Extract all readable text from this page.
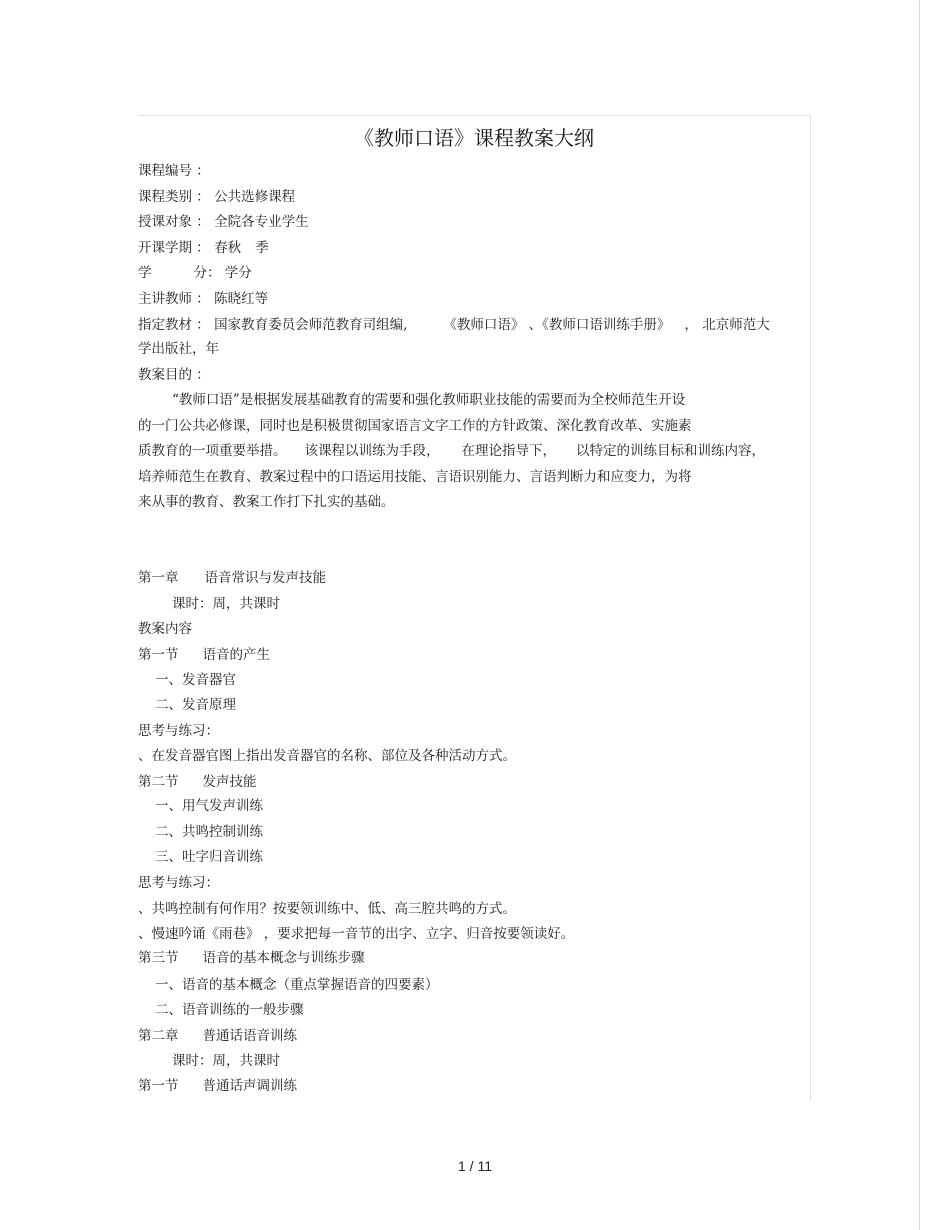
《教师口语》课程教案大纲
课程编号 ：
课程类别 ： 公共选修课程
授课对象 ： 全院各专业学生
开课学期 ： 春秋 季
学	分： 学分
主讲教师 ： 陈晓红等
指定教材 ： 国家教育委员会师范教育司组编,	《教师口语》 、《教师口语训练手册》 ， 北京师范大
学出版社，年
教案目的 ：
“教师口语”是根据发展基础教育的需要和强化教师职业技能的需要而为全校师范生开设
的一门公共必修课，同时也是积极贯彻国家语言文字工作的方针政策、深化教育改革、实施素
质教育的一项重要举措。 该课程以训练为手段， 在理论指导下， 以特定的训练目标和训练内容，
培养师范生在教育、教案过程中的口语运用技能、言语识别能力、言语判断力和应变力，为将
来从事的教育、教案工作打下扎实的基础。
第一章 语音常识与发声技能
课时：周，共课时
教案内容
第一节 语音的产生
一、发音器官
二、发音原理
思考与练习：
、在发音器官图上指出发音器官的名称、部位及各种活动方式。
第二节 发声技能
一、用气发声训练
二、共鸣控制训练
三、吐字归音训练
思考与练习：
、共鸣控制有何作用？按要领训练中、低、高三腔共鸣的方式。
、慢速吟诵《雨巷》 ，要求把每一音节的出字、立字、归音按要领读好。
第三节 语音的基本概念与训练步骤
一、语音的基本概念（重点掌握语音的四要素）
二、语音训练的一般步骤
第二章 普通话语音训练
课时：周，共课时
第一节 普通话声调训练
1 / 11
